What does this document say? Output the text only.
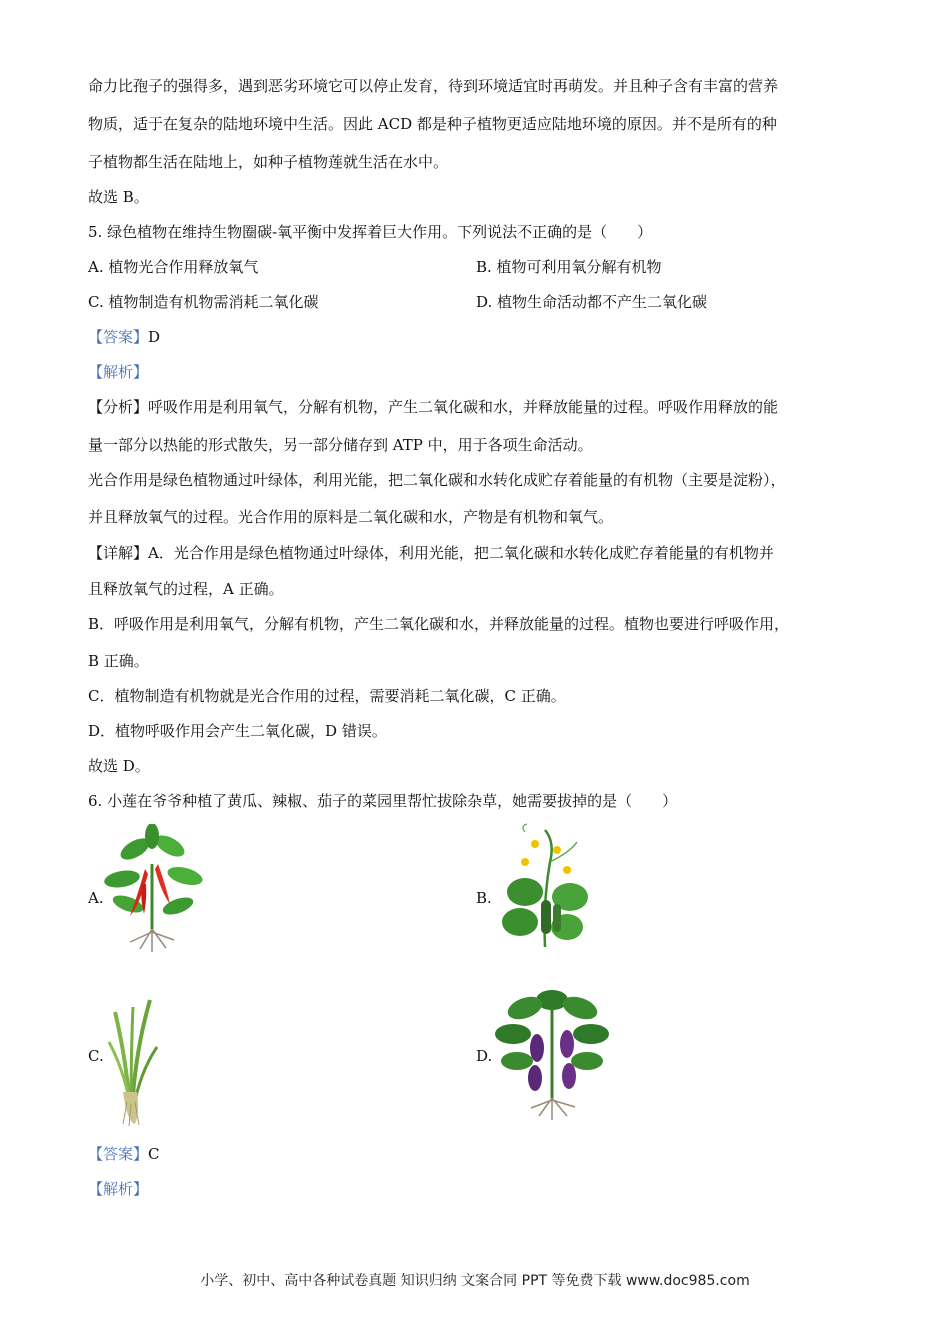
命力比孢子的强得多，遇到恶劣环境它可以停止发育，待到环境适宜时再萌发。并且种子含有丰富的营养
物质，适于在复杂的陆地环境中生活。因此 ACD 都是种子植物更适应陆地环境的原因。并不是所有的种
子植物都生活在陆地上，如种子植物莲就生活在水中。
故选 B。
5. 绿色植物在维持生物圈碳-氧平衡中发挥着巨大作用。下列说法不正确的是（　　）
A. 植物光合作用释放氧气	B. 植物可利用氧分解有机物
C. 植物制造有机物需消耗二氧化碳	D. 植物生命活动都不产生二氧化碳
【答案】D
【解析】
【分析】呼吸作用是利用氧气，分解有机物，产生二氧化碳和水，并释放能量的过程。呼吸作用释放的能
量一部分以热能的形式散失，另一部分储存到 ATP 中，用于各项生命活动。
光合作用是绿色植物通过叶绿体，利用光能，把二氧化碳和水转化成贮存着能量的有机物（主要是淀粉），
并且释放氧气的过程。光合作用的原料是二氧化碳和水，产物是有机物和氧气。
【详解】A．光合作用是绿色植物通过叶绿体，利用光能，把二氧化碳和水转化成贮存着能量的有机物并
且释放氧气的过程，A 正确。
B．呼吸作用是利用氧气，分解有机物，产生二氧化碳和水，并释放能量的过程。植物也要进行呼吸作用，
B 正确。
C．植物制造有机物就是光合作用的过程，需要消耗二氧化碳，C 正确。
D．植物呼吸作用会产生二氧化碳，D 错误。
故选 D。
6. 小莲在爷爷种植了黄瓜、辣椒、茄子的菜园里帮忙拔除杂草，她需要拔掉的是（　　）
A.	B.
C.	D.
【答案】C
【解析】
小学、初中、高中各种试卷真题 知识归纳 文案合同 PPT 等免费下载 www.doc985.com
